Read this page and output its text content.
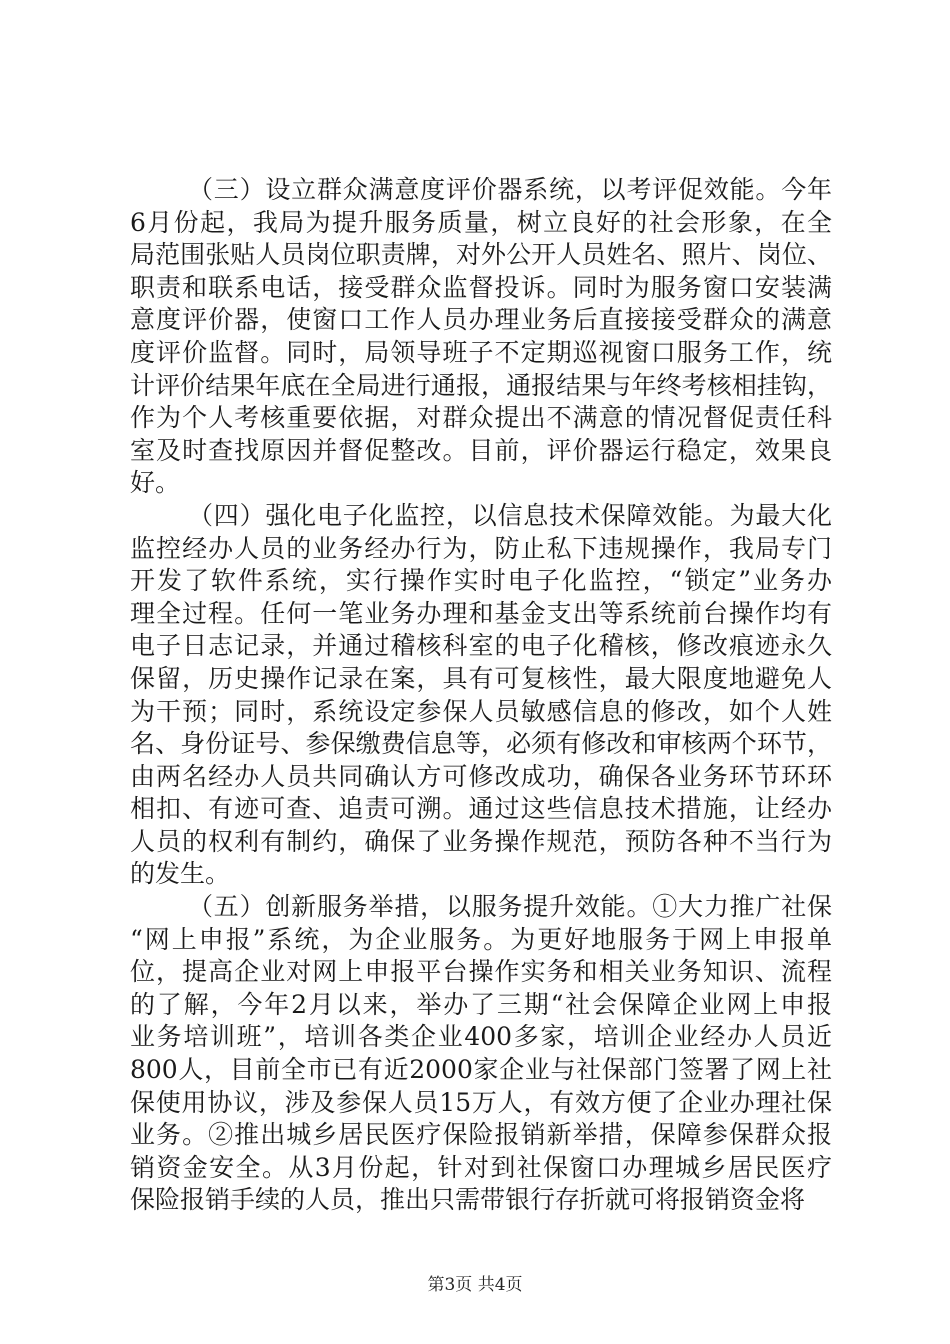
（三）设立群众满意度评价器系统，以考评促效能。今年
6月份起，我局为提升服务质量，树立良好的社会形象，在全
局范围张贴人员岗位职责牌，对外公开人员姓名、照片、岗位、
职责和联系电话，接受群众监督投诉。同时为服务窗口安装满
意度评价器，使窗口工作人员办理业务后直接接受群众的满意
度评价监督。同时，局领导班子不定期巡视窗口服务工作，统
计评价结果年底在全局进行通报，通报结果与年终考核相挂钩，
作为个人考核重要依据，对群众提出不满意的情况督促责任科
室及时查找原因并督促整改。目前，评价器运行稳定，效果良
好。
（四）强化电子化监控，以信息技术保障效能。为最大化
监控经办人员的业务经办行为，防止私下违规操作，我局专门
开发了软件系统，实行操作实时电子化监控，“锁定”业务办
理全过程。任何一笔业务办理和基金支出等系统前台操作均有
电子日志记录，并通过稽核科室的电子化稽核，修改痕迹永久
保留，历史操作记录在案，具有可复核性，最大限度地避免人
为干预；同时，系统设定参保人员敏感信息的修改，如个人姓
名、身份证号、参保缴费信息等，必须有修改和审核两个环节，
由两名经办人员共同确认方可修改成功，确保各业务环节环环
相扣、有迹可查、追责可溯。通过这些信息技术措施，让经办
人员的权利有制约，确保了业务操作规范，预防各种不当行为
的发生。
（五）创新服务举措，以服务提升效能。①大力推广社保
“网上申报”系统，为企业服务。为更好地服务于网上申报单
位，提高企业对网上申报平台操作实务和相关业务知识、流程
的了解，今年2月以来，举办了三期“社会保障企业网上申报
业务培训班”，培训各类企业400多家，培训企业经办人员近
800人，目前全市已有近2000家企业与社保部门签署了网上社
保使用协议，涉及参保人员15万人，有效方便了企业办理社保
业务。②推出城乡居民医疗保险报销新举措，保障参保群众报
销资金安全。从3月份起，针对到社保窗口办理城乡居民医疗
保险报销手续的人员，推出只需带银行存折就可将报销资金将
第3页 共4页
